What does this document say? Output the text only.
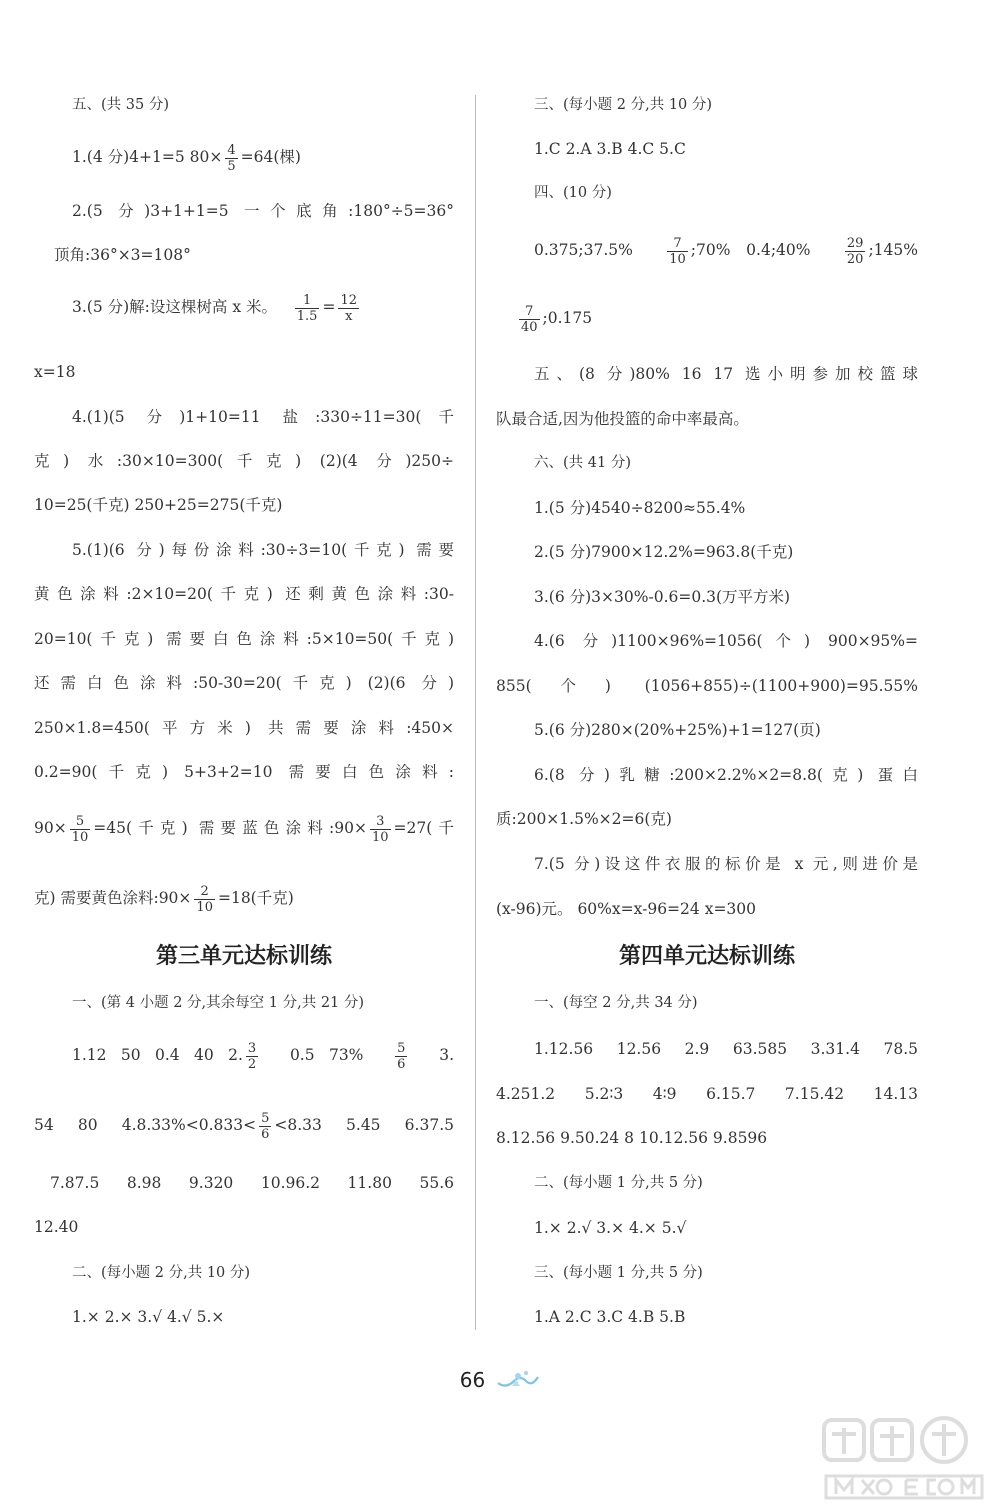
五、(共 35 分)
1.(4 分)4+1=5 $80\times \frac{4}{5} =64$(棵)
2.(5 分)3+1+1=5 一个底角:180°÷5=36°
顶角:36°×3=108°
3.(5 分)解:设这棵树高 x 米。 $\frac{1}{1.5} = \frac{12}{x}$
x=18
4.(1)(5 分)1+10=11 盐:330÷11=30(千
克) 水:30×10=300(千克) (2)(4 分)250÷
10=25(千克) 250+25=275(千克)
5.(1)(6 分)每份涂料:30÷3=10(千克) 需要
黄色涂料:2×10=20(千克) 还剩黄色涂料:30-
20=10(千克) 需要白色涂料:5×10=50(千克)
还需白色涂料:50-30=20(千克) (2)(6 分)
250×1.8=450(平方米) 共需要涂料:450×
0.2=90(千克) 5+3+2=10 需要白色涂料:
$90\times \frac{5}{10} =45$(千克) 需要蓝色涂料:90× $\frac{3}{10} =27$(千
克) 需要黄色涂料:90× $\frac{2}{10} =18$(千克)
第三单元达标训练
一、(第 4 小题 2 分,其余每空 1 分,共 21 分)
1.12 50 0.4 40 2. $\frac{3}{2} 0.5$ $73\% \frac{5}{6} 3$.
54 80 $4.8.33\%<0.833< \frac{5}{6} <8.33$ 5.45 6.37.5
7.87.5 8.98 9.320 10.96.2 11.80 55.6
12.40
二、(每小题 2 分,共 10 分)
1.× 2.× 3.√ 4.√ 5.×
三、(每小题 2 分,共 10 分)
1.C 2.A 3.B 4.C 5.C
四、(10 分)
0.375;37.5%	$\frac{7}{10}$ ;70% 0.4;40%	$\frac{29}{20}$ ;145%
$\frac{7}{40}$ ;0.175
五、(8 分)80% 16 17 选小明参加校篮球
队最合适,因为他投篮的命中率最高。
六、(共 41 分)
1.(5 分)4540÷8200≈55.4%
2.(5 分)7900×12.2%=963.8(千克)
3.(6 分)3×30%-0.6=0.3(万平方米)
4.(6 分)1100×96%=1056(个) 900×95%=
855(个) (1056+855)÷(1100+900)=95.55%
5.(6 分)280×(20%+25%)+1=127(页)
6.(8 分)乳糖:200×2.2%×2=8.8(克) 蛋白
质:200×1.5%×2=6(克)
7.(5 分)设这件衣服的标价是 x 元,则进价是
(x-96)元。 60%x=x-96=24 x=300
第四单元达标训练
一、(每空 2 分,共 34 分)
1.12.56 12.56 2.9 63.585 3.31.4 78.5
4.251.2 5.2∶3 4∶9 6.15.7 7.15.42 14.13
8.12.56 9.50.24 8 10.12.56 9.8596
二、(每小题 1 分,共 5 分)
1.× 2.√ 3.× 4.× 5.√
三、(每小题 1 分,共 5 分)
1.A 2.C 3.C 4.B 5.B
66
